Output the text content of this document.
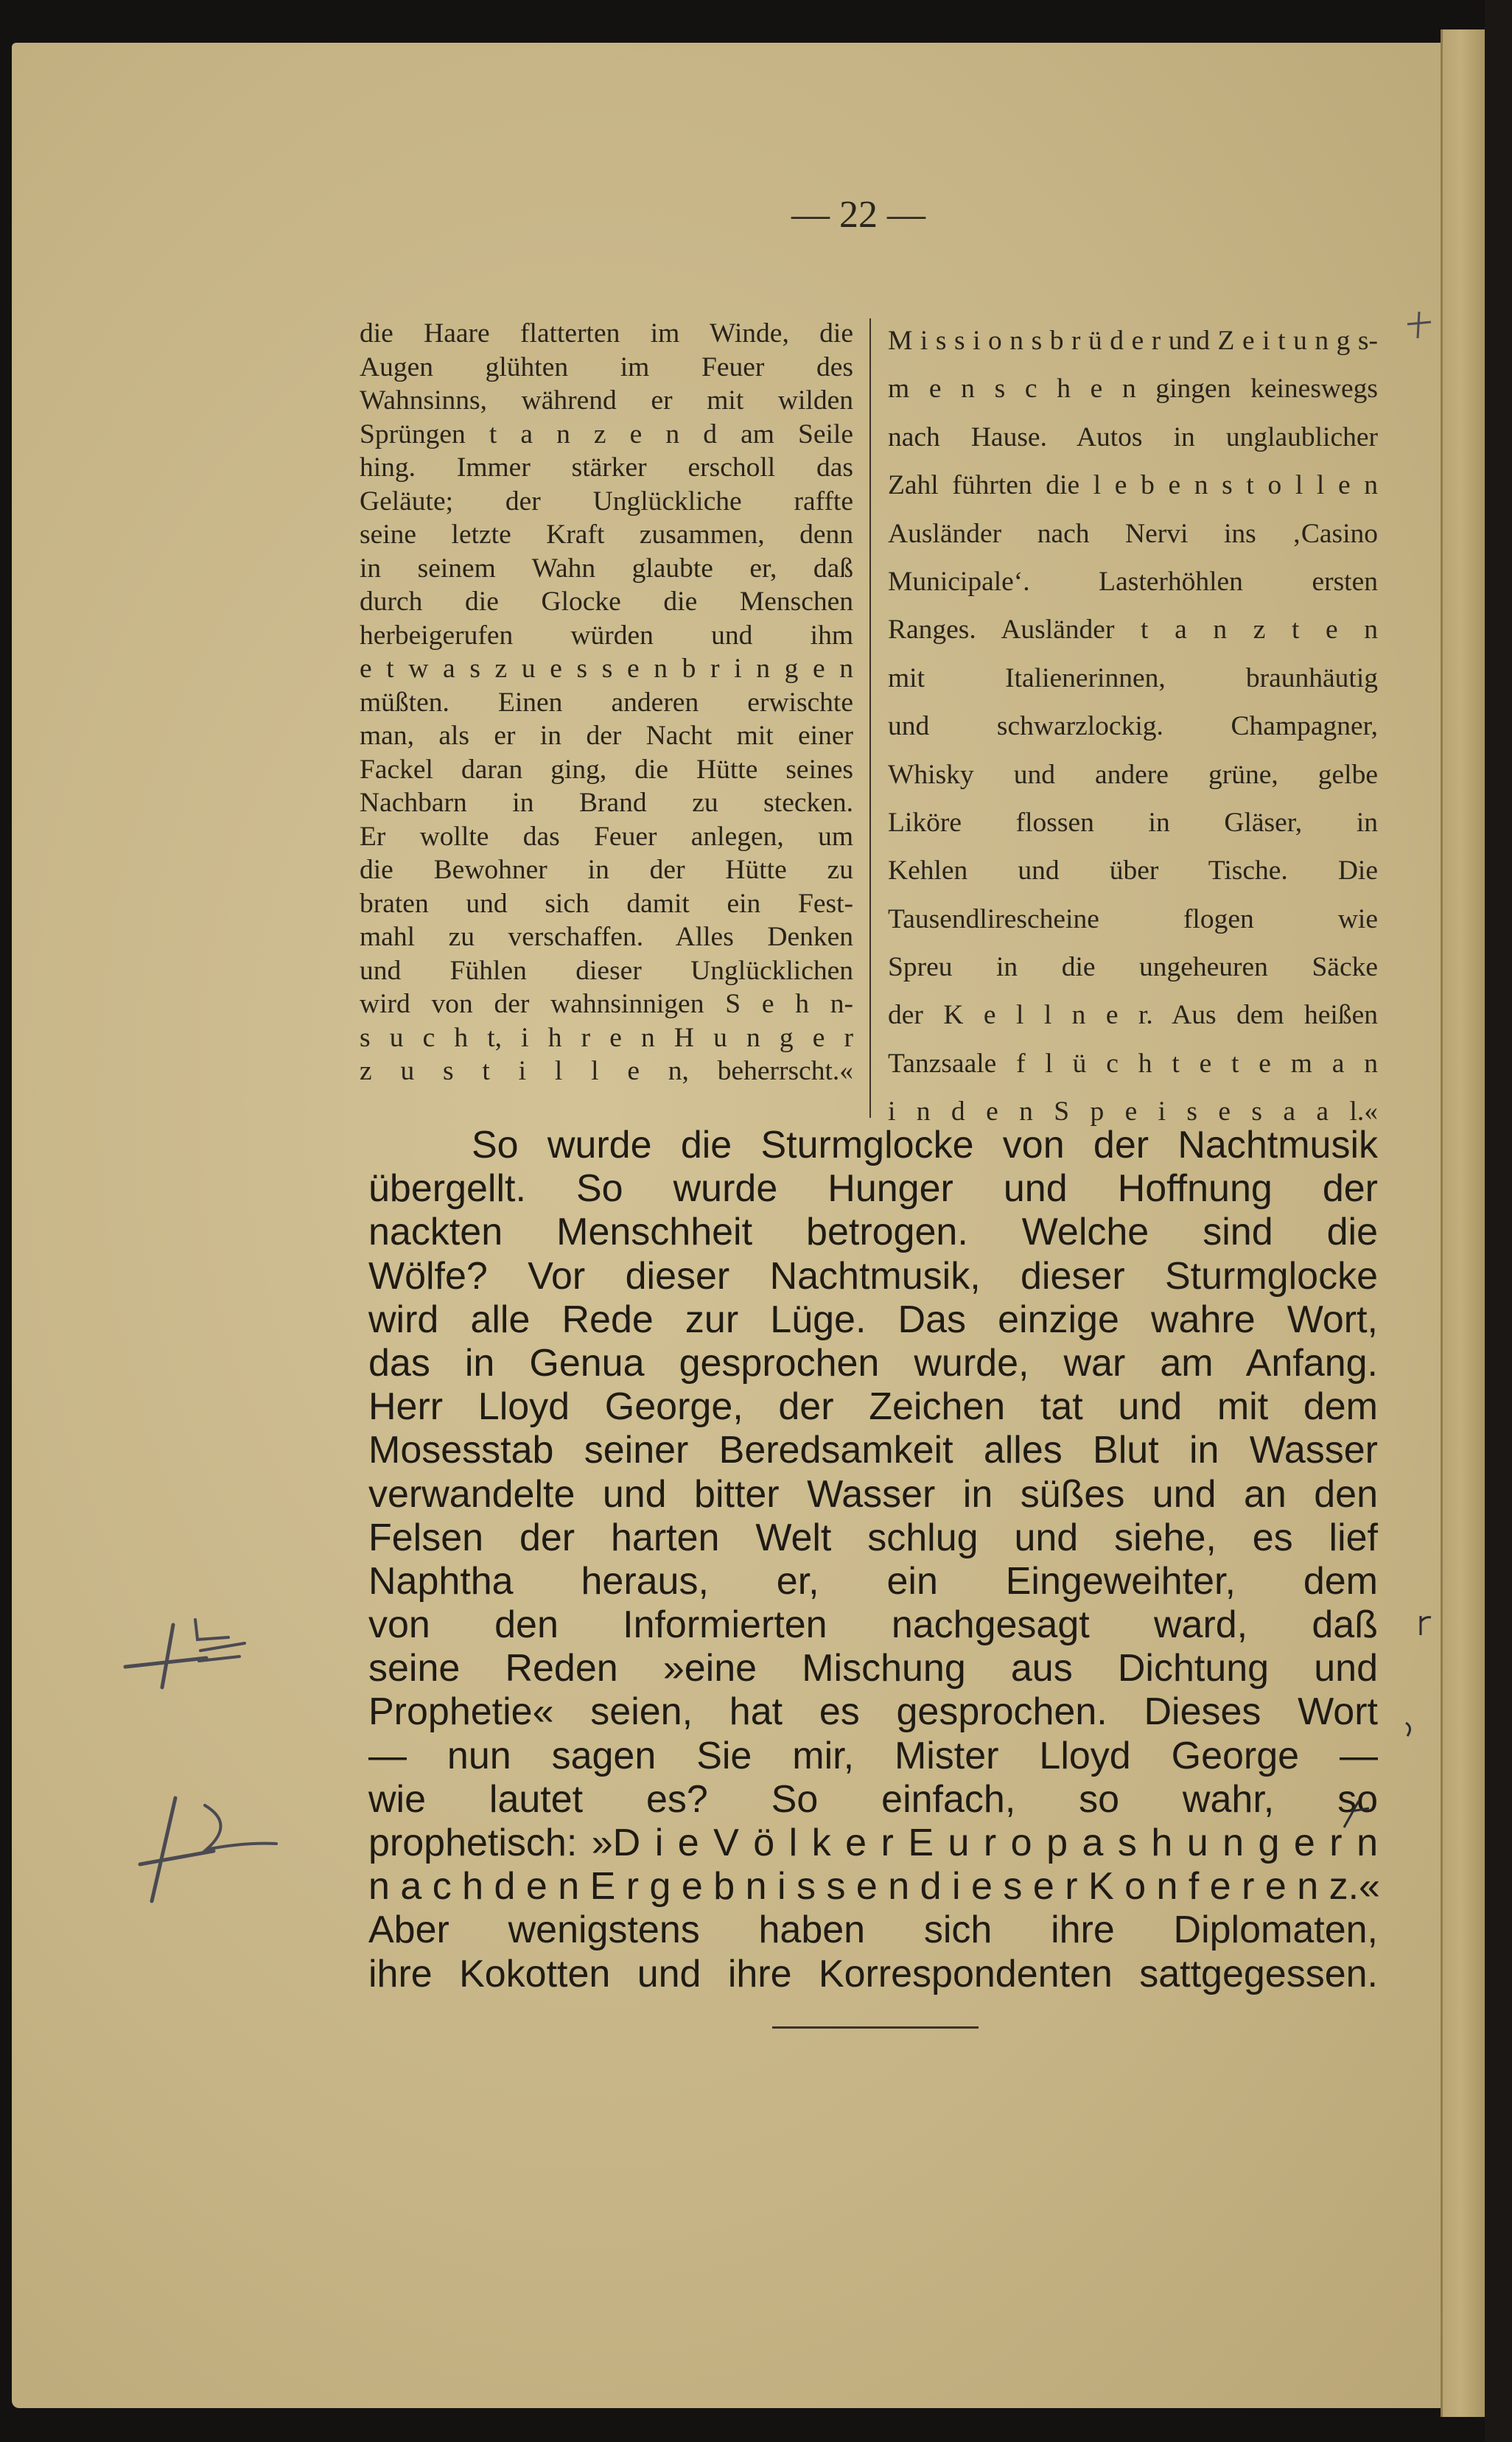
— 22 —
die Haare flatterten im Winde, die
Augen glühten im Feuer des
Wahnsinns, während er mit wilden
Sprüngen t a n z e n d am Seile
hing. Immer stärker erscholl das
Geläute; der Unglückliche raffte
seine letzte Kraft zusammen, denn
in seinem Wahn glaubte er, daß
durch die Glocke die Menschen
herbeigerufen würden und ihm
e t w a s z u e s s e n b r i n g e n
müßten. Einen anderen erwischte
man, als er in der Nacht mit einer
Fackel daran ging, die Hütte seines
Nachbarn in Brand zu stecken.
Er wollte das Feuer anlegen, um
die Bewohner in der Hütte zu
braten und sich damit ein Fest-
mahl zu verschaffen. Alles Denken
und Fühlen dieser Unglücklichen
wird von der wahnsinnigen S e h n-
s u c h t, i h r e n H u n g e r
z u s t i l l e n, beherrscht.«
M i s s i o n s b r ü d e r und Z e i t u n g s-
m e n s c h e n gingen keineswegs
nach Hause. Autos in unglaublicher
Zahl führten die l e b e n s t o l l e n
Ausländer nach Nervi ins ‚Casino
Municipale‘. Lasterhöhlen ersten
Ranges. Ausländer t a n z t e n
mit Italienerinnen, braunhäutig
und schwarzlockig. Champagner,
Whisky und andere grüne, gelbe
Liköre flossen in Gläser, in
Kehlen und über Tische. Die
Tausendlirescheine flogen wie
Spreu in die ungeheuren Säcke
der K e l l n e r. Aus dem heißen
Tanzsaale f l ü c h t e t e m a n
i n d e n S p e i s e s a a l.«
So wurde die Sturmglocke von der Nachtmusik
übergellt. So wurde Hunger und Hoffnung der
nackten Menschheit betrogen. Welche sind die
Wölfe? Vor dieser Nachtmusik, dieser Sturmglocke
wird alle Rede zur Lüge. Das einzige wahre Wort,
das in Genua gesprochen wurde, war am Anfang.
Herr Lloyd George, der Zeichen tat und mit dem
Mosesstab seiner Beredsamkeit alles Blut in Wasser
verwandelte und bitter Wasser in süßes und an den
Felsen der harten Welt schlug und siehe, es lief
Naphtha heraus, er, ein Eingeweihter, dem
von den Informierten nachgesagt ward, daß
seine Reden »eine Mischung aus Dichtung und
Prophetie« seien, hat es gesprochen. Dieses Wort
— nun sagen Sie mir, Mister Lloyd George —
wie lautet es? So einfach, so wahr, so
prophetisch: »D i e V ö l k e r E u r o p a s h u n g e r n
n a c h d e n E r g e b n i s s e n d i e s e r K o n f e r e n z.«
Aber wenigstens haben sich ihre Diplomaten,
ihre Kokotten und ihre Korrespondenten sattgegessen.
